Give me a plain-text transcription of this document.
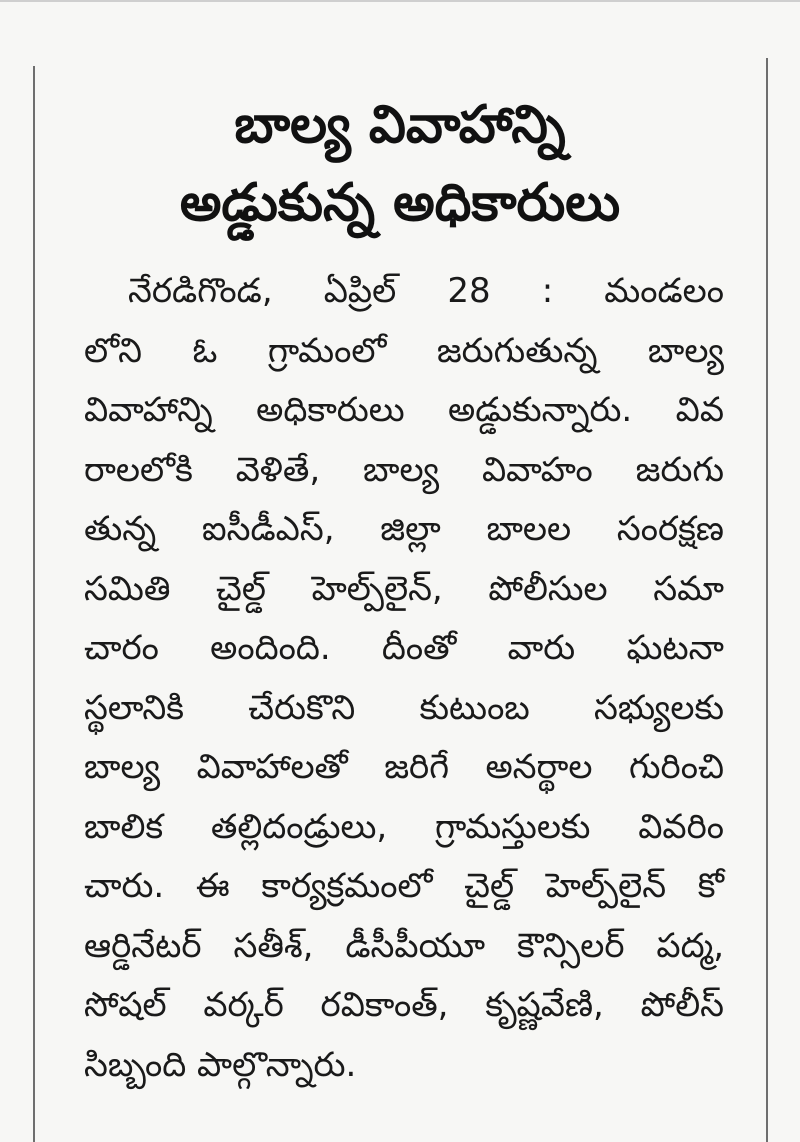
బాల్య వివాహాన్ని
అడ్డుకున్న అధికారులు
నేరడిగొండ, ఏప్రిల్ 28 : మండలం
లోని ఓ గ్రామంలో జరుగుతున్న బాల్య
వివాహాన్ని అధికారులు అడ్డుకున్నారు. వివ
రాలలోకి వెళితే, బాల్య వివాహం జరుగు
తున్న ఐసీడీఎస్, జిల్లా బాలల సంరక్షణ
సమితి చైల్డ్ హెల్ప్‌లైన్, పోలీసుల సమా
చారం అందింది. దీంతో వారు ఘటనా
స్థలానికి చేరుకొని కుటుంబ సభ్యులకు
బాల్య వివాహాలతో జరిగే అనర్థాల గురించి
బాలిక తల్లిదండ్రులు, గ్రామస్తులకు వివరిం
చారు. ఈ కార్యక్రమంలో చైల్డ్ హెల్ప్‌లైన్ కో
ఆర్డినేటర్ సతీశ్, డీసీపీయూ కౌన్సిలర్ పద్మ,
సోషల్ వర్కర్ రవికాంత్, కృష్ణవేణి, పోలీస్
సిబ్బంది పాల్గొన్నారు.
